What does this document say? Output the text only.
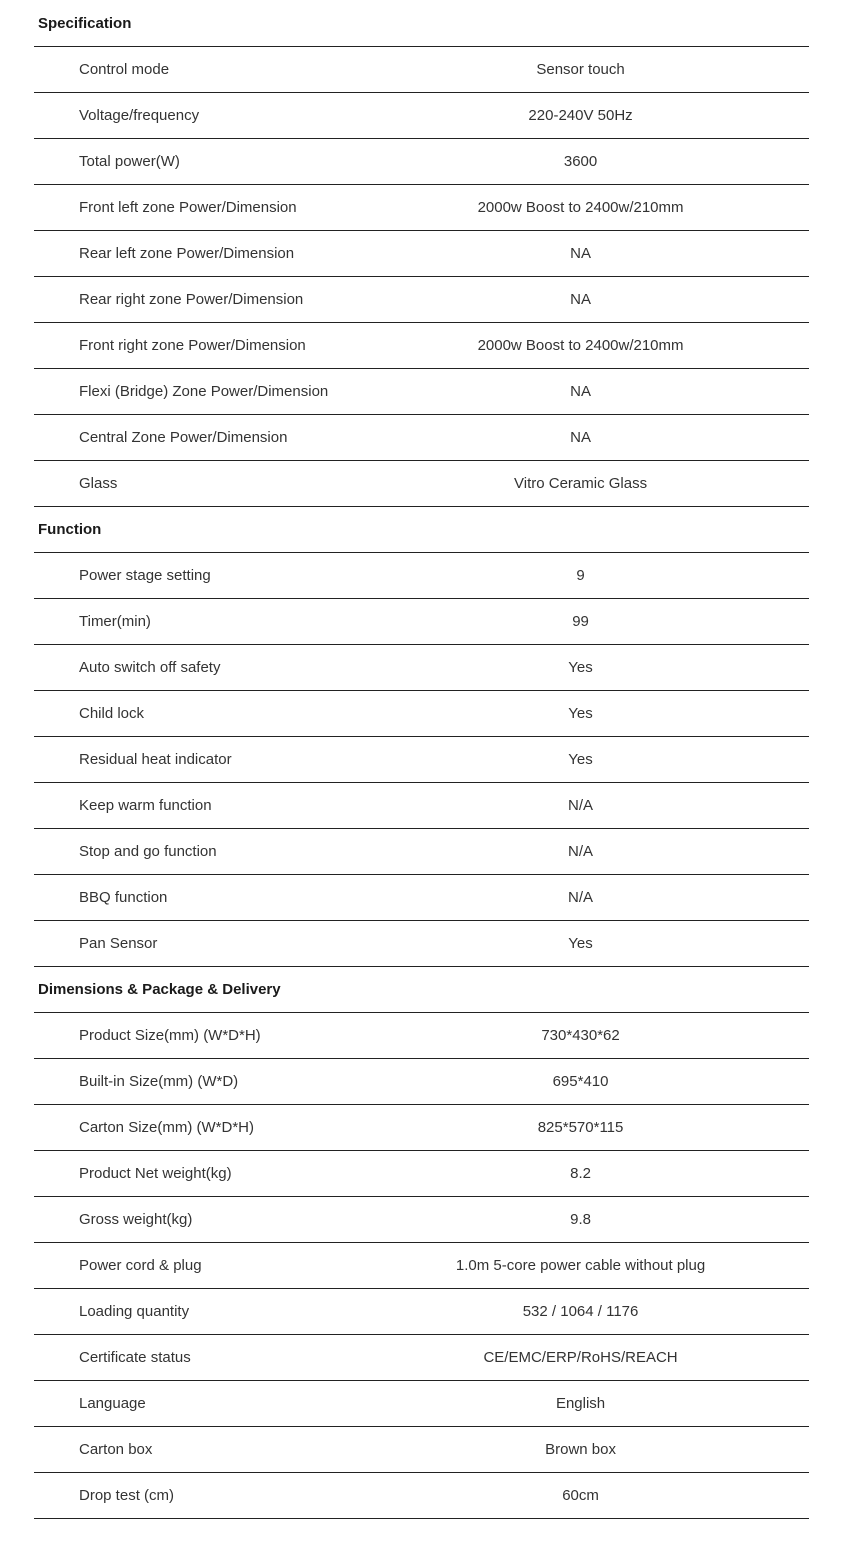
Specification
Control mode	Sensor touch
Voltage/frequency	220-240V 50Hz
Total power(W)	3600
Front left zone Power/Dimension	2000w Boost to 2400w/210mm
Rear left zone Power/Dimension	NA
Rear right zone Power/Dimension	NA
Front right zone Power/Dimension	2000w Boost to 2400w/210mm
Flexi (Bridge) Zone Power/Dimension	NA
Central Zone Power/Dimension	NA
Glass	Vitro Ceramic Glass
Function
Power stage setting	9
Timer(min)	99
Auto switch off safety	Yes
Child lock	Yes
Residual heat indicator	Yes
Keep warm function	N/A
Stop and go function	N/A
BBQ function	N/A
Pan Sensor	Yes
Dimensions & Package & Delivery
Product Size(mm) (W*D*H)	730*430*62
Built-in Size(mm) (W*D)	695*410
Carton Size(mm) (W*D*H)	825*570*115
Product Net weight(kg)	8.2
Gross weight(kg)	9.8
Power cord & plug	1.0m 5-core power cable without plug
Loading quantity	532 / 1064 / 1176
Certificate status	CE/EMC/ERP/RoHS/REACH
Language	English
Carton box	Brown box
Drop test (cm)	60cm
